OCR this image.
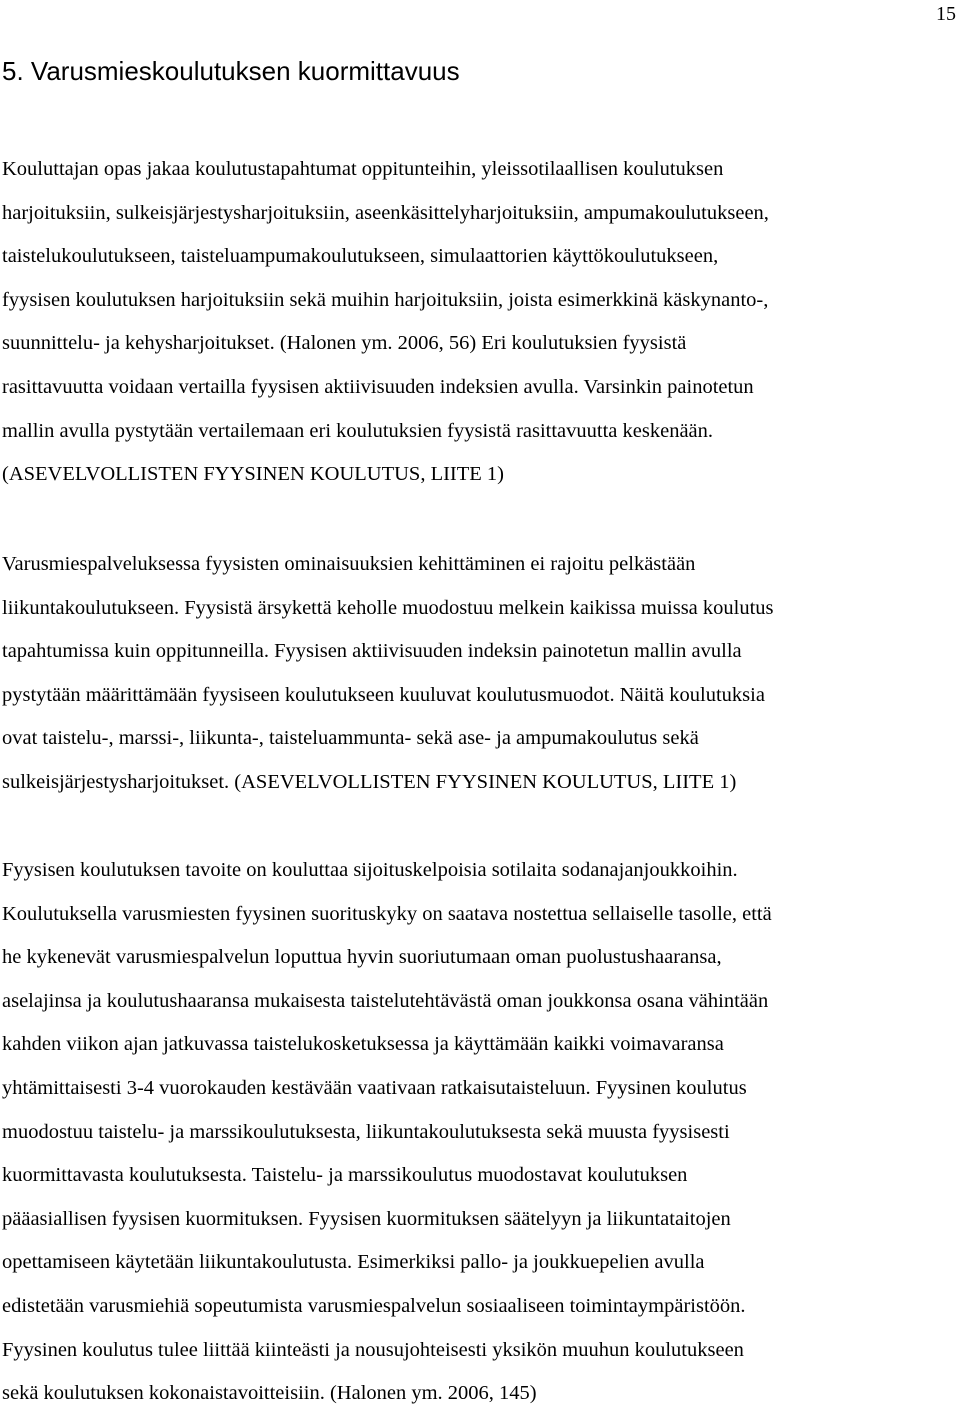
15

5. Varusmieskoulutuksen kuormittavuus

Kouluttajan opas jakaa koulutustapahtumat oppitunteihin, yleissotilaallisen koulutuksen
harjoituksiin, sulkeisjärjestysharjoituksiin, aseenkäsittelyharjoituksiin, ampumakoulutukseen,
taistelukoulutukseen, taisteluampumakoulutukseen, simulaattorien käyttökoulutukseen,
fyysisen koulutuksen harjoituksiin sekä muihin harjoituksiin, joista esimerkkinä käskynanto-,
suunnittelu- ja kehysharjoitukset. (Halonen ym. 2006, 56) Eri koulutuksien fyysistä
rasittavuutta voidaan vertailla fyysisen aktiivisuuden indeksien avulla. Varsinkin painotetun
mallin avulla pystytään vertailemaan eri koulutuksien fyysistä rasittavuutta keskenään.
(ASEVELVOLLISTEN FYYSINEN KOULUTUS, LIITE 1)

Varusmiespalveluksessa fyysisten ominaisuuksien kehittäminen ei rajoitu pelkästään
liikuntakoulutukseen. Fyysistä ärsykettä keholle muodostuu melkein kaikissa muissa koulutus
tapahtumissa kuin oppitunneilla. Fyysisen aktiivisuuden indeksin painotetun mallin avulla
pystytään määrittämään fyysiseen koulutukseen kuuluvat koulutusmuodot. Näitä koulutuksia
ovat taistelu-, marssi-, liikunta-, taisteluammunta- sekä ase- ja ampumakoulutus sekä
sulkeisjärjestysharjoitukset. (ASEVELVOLLISTEN FYYSINEN KOULUTUS, LIITE 1)

Fyysisen koulutuksen tavoite on kouluttaa sijoituskelpoisia sotilaita sodanajanjoukkoihin.
Koulutuksella varusmiesten fyysinen suorituskyky on saatava nostettua sellaiselle tasolle, että
he kykenevät varusmiespalvelun loputtua hyvin suoriutumaan oman puolustushaaransa,
aselajinsa ja koulutushaaransa mukaisesta taistelutehtävästä oman joukkonsa osana vähintään
kahden viikon ajan jatkuvassa taistelukosketuksessa ja käyttämään kaikki voimavaransa
yhtämittaisesti 3-4 vuorokauden kestävään vaativaan ratkaisutaisteluun. Fyysinen koulutus
muodostuu taistelu- ja marssikoulutuksesta, liikuntakoulutuksesta sekä muusta fyysisesti
kuormittavasta koulutuksesta. Taistelu- ja marssikoulutus muodostavat koulutuksen
pääasiallisen fyysisen kuormituksen. Fyysisen kuormituksen säätelyyn ja liikuntataitojen
opettamiseen käytetään liikuntakoulutusta. Esimerkiksi pallo- ja joukkuepelien avulla
edistetään varusmiehiä sopeutumista varusmiespalvelun sosiaaliseen toimintaympäristöön.
Fyysinen koulutus tulee liittää kiinteästi ja nousujohteisesti yksikön muuhun koulutukseen
sekä koulutuksen kokonaistavoitteisiin. (Halonen ym. 2006, 145)
